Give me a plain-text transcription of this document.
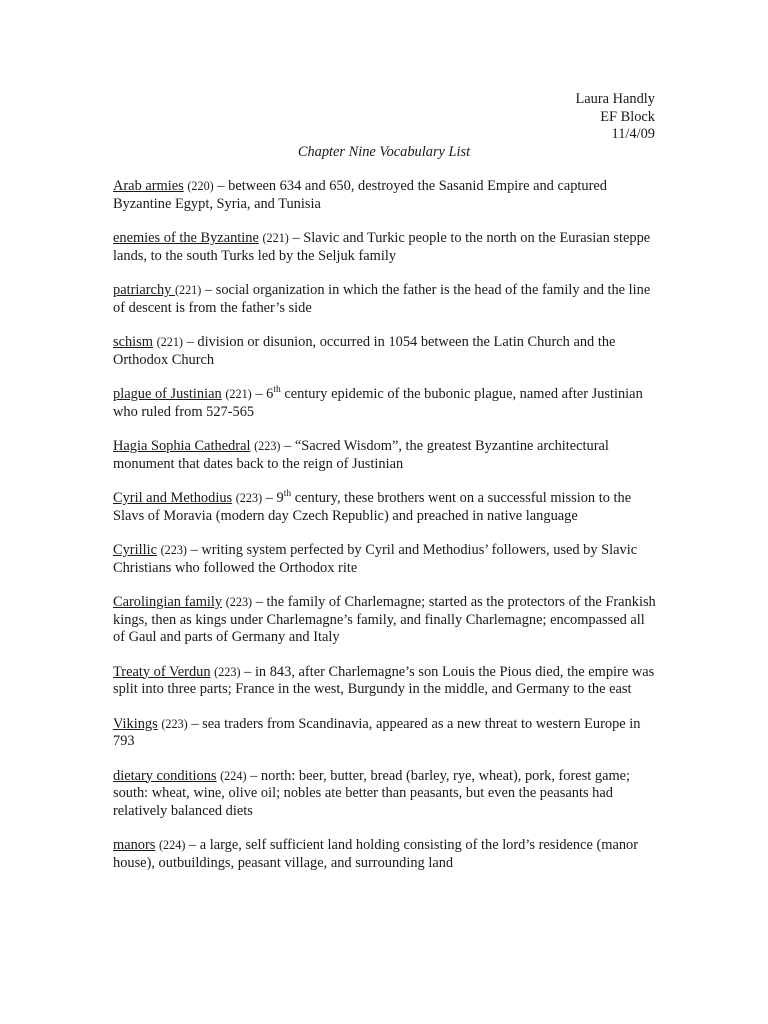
Laura Handly
EF Block
11/4/09
Chapter Nine Vocabulary List
Arab armies (220) – between 634 and 650, destroyed the Sasanid Empire and captured Byzantine Egypt, Syria, and Tunisia
enemies of the Byzantine (221) – Slavic and Turkic people to the north on the Eurasian steppe lands, to the south Turks led by the Seljuk family
patriarchy (221) – social organization in which the father is the head of the family and the line of descent is from the father’s side
schism (221) – division or disunion, occurred in 1054 between the Latin Church and the Orthodox Church
plague of Justinian (221) – 6th century epidemic of the bubonic plague, named after Justinian who ruled from 527-565
Hagia Sophia Cathedral (223) – “Sacred Wisdom”, the greatest Byzantine architectural monument that dates back to the reign of Justinian
Cyril and Methodius (223) – 9th century, these brothers went on a successful mission to the Slavs of Moravia (modern day Czech Republic) and preached in native language
Cyrillic (223) – writing system perfected by Cyril and Methodius’ followers, used by Slavic Christians who followed the Orthodox rite
Carolingian family (223) – the family of Charlemagne; started as the protectors of the Frankish kings, then as kings under Charlemagne’s family, and finally Charlemagne; encompassed all of Gaul and parts of Germany and Italy
Treaty of Verdun (223) – in 843, after Charlemagne’s son Louis the Pious died, the empire was split into three parts; France in the west, Burgundy in the middle, and Germany to the east
Vikings (223) – sea traders from Scandinavia, appeared as a new threat to western Europe in 793
dietary conditions (224) – north: beer, butter, bread (barley, rye, wheat), pork, forest game; south: wheat, wine, olive oil; nobles ate better than peasants, but even the peasants had relatively balanced diets
manors (224) – a large, self sufficient land holding consisting of the lord’s residence (manor house), outbuildings, peasant village, and surrounding land
